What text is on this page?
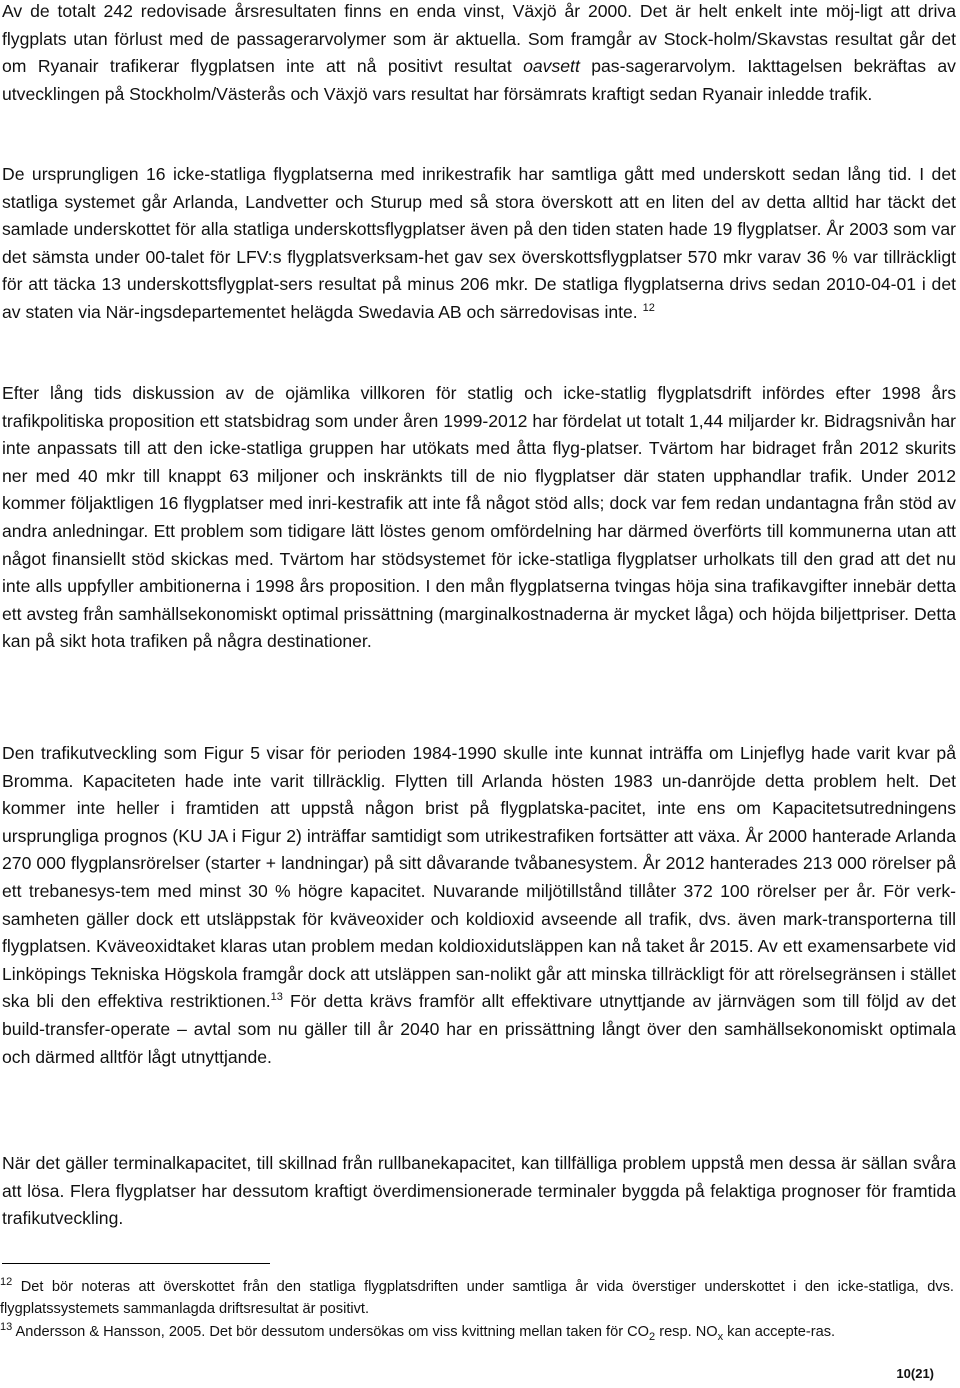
Av de totalt 242 redovisade årsresultaten finns en enda vinst, Växjö år 2000. Det är helt enkelt inte möj-ligt att driva flygplats utan förlust med de passagerarvolymer som är aktuella. Som framgår av Stock-holm/Skavstas resultat går det om Ryanair trafikerar flygplatsen inte att nå positivt resultat oavsett pas-sagerarvolym. Iakttagelsen bekräftas av utvecklingen på Stockholm/Västerås och Växjö vars resultat har försämrats kraftigt sedan Ryanair inledde trafik.

De ursprungligen 16 icke-statliga flygplatserna med inrikestrafik har samtliga gått med underskott sedan lång tid. I det statliga systemet går Arlanda, Landvetter och Sturup med så stora överskott att en liten del av detta alltid har täckt det samlade underskottet för alla statliga underskottsflygplatser även på den tiden staten hade 19 flygplatser. År 2003 som var det sämsta under 00-talet för LFV:s flygplatsverksam-het gav sex överskottsflygplatser 570 mkr varav 36 % var tillräckligt för att täcka 13 underskottsflygplat-sers resultat på minus 206 mkr. De statliga flygplatserna drivs sedan 2010-04-01 i det av staten via När-ingsdepartementet helägda Swedavia AB och särredovisas inte. $^{12}$

Efter lång tids diskussion av de ojämlika villkoren för statlig och icke-statlig flygplatsdrift infördes efter 1998 års trafikpolitiska proposition ett statsbidrag som under åren 1999-2012 har fördelat ut totalt 1,44 miljarder kr. Bidragsnivån har inte anpassats till att den icke-statliga gruppen har utökats med åtta flyg-platser. Tvärtom har bidraget från 2012 skurits ner med 40 mkr till knappt 63 miljoner och inskränkts till de nio flygplatser där staten upphandlar trafik. Under 2012 kommer följaktligen 16 flygplatser med inri-kestrafik att inte få något stöd alls; dock var fem redan undantagna från stöd av andra anledningar. Ett problem som tidigare lätt löstes genom omfördelning har därmed överförts till kommunerna utan att något finansiellt stöd skickas med. Tvärtom har stödsystemet för icke-statliga flygplatser urholkats till den grad att det nu inte alls uppfyller ambitionerna i 1998 års proposition. I den mån flygplatserna tvingas höja sina trafikavgifter innebär detta ett avsteg från samhällsekonomiskt optimal prissättning (marginalkostnaderna är mycket låga) och höjda biljettpriser. Detta kan på sikt hota trafiken på några destinationer.

Den trafikutveckling som Figur 5 visar för perioden 1984-1990 skulle inte kunnat inträffa om Linjeflyg hade varit kvar på Bromma. Kapaciteten hade inte varit tillräcklig. Flytten till Arlanda hösten 1983 un-danröjde detta problem helt. Det kommer inte heller i framtiden att uppstå någon brist på flygplatska-pacitet, inte ens om Kapacitetsutredningens ursprungliga prognos (KU JA i Figur 2) inträffar samtidigt som utrikestrafiken fortsätter att växa. År 2000 hanterade Arlanda 270 000 flygplansrörelser (starter + landningar) på sitt dåvarande tvåbanesystem. År 2012 hanterades 213 000 rörelser på ett trebanesys-tem med minst 30 % högre kapacitet. Nuvarande miljötillstånd tillåter 372 100 rörelser per år. För verk-samheten gäller dock ett utsläppstak för kväveoxider och koldioxid avseende all trafik, dvs. även mark-transporterna till flygplatsen. Kväveoxidtaket klaras utan problem medan koldioxidutsläppen kan nå taket år 2015. Av ett examensarbete vid Linköpings Tekniska Högskola framgår dock att utsläppen san-nolikt går att minska tillräckligt för att rörelsegränsen i stället ska bli den effektiva restriktionen.$^{13}$ För detta krävs framför allt effektivare utnyttjande av järnvägen som till följd av det build-transfer-operate – avtal som nu gäller till år 2040 har en prissättning långt över den samhällsekonomiskt optimala och därmed alltför lågt utnyttjande.

När det gäller terminalkapacitet, till skillnad från rullbanekapacitet, kan tillfälliga problem uppstå men dessa är sällan svåra att lösa. Flera flygplatser har dessutom kraftigt överdimensionerade terminaler byggda på felaktiga prognoser för framtida trafikutveckling.

$^{12}$ Det bör noteras att överskottet från den statliga flygplatsdriften under samtliga år vida överstiger underskottet i den icke-statliga, dvs. flygplatssystemets sammanlagda driftsresultat är positivt.
$^{13}$ Andersson & Hansson, 2005. Det bör dessutom undersökas om viss kvittning mellan taken för $CO_2$ resp. $NO_x$ kan accepte-ras.
10(21)
